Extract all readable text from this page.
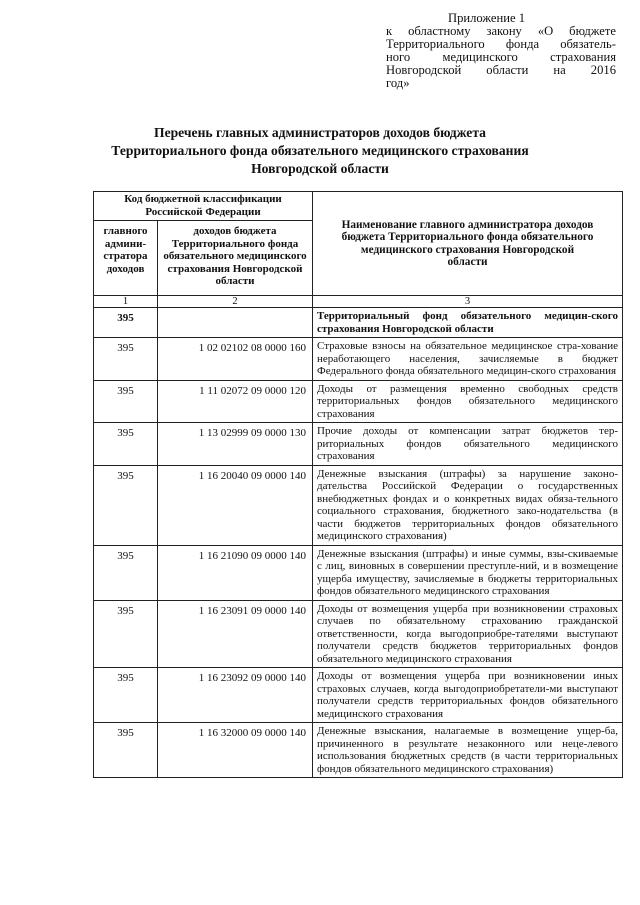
Приложение 1
к областному закону «О бюджете
Территориального фонда обязатель-
ного медицинского страхования
Новгородской области на 2016
год»
Перечень главных администраторов доходов бюджета
Территориального фонда обязательного медицинского страхования
Новгородской области
Код бюджетной классификации Российской Федерации		Наименование главного администратора доходов бюджета Территориального фонда обязательного медицинского страхования Новгородской области
главного админи-стратора доходов	доходов бюджета Территориального фонда обязательного медицинского страхования Новгородской области	
1	2	3
395		Территориальный фонд обязательного медицин-ского страхования Новгородской области
395	1 02 02102 08 0000 160	Страховые взносы на обязательное медицинское стра-хование неработающего населения, зачисляемые в бюджет Федерального фонда обязательного медицин-ского страхования
395	1 11 02072 09 0000 120	Доходы от размещения временно свободных средств территориальных фондов обязательного медицинского страхования
395	1 13 02999 09 0000 130	Прочие доходы от компенсации затрат бюджетов тер-риториальных фондов обязательного медицинского страхования
395	1 16 20040 09 0000 140	Денежные взыскания (штрафы) за нарушение законо-дательства Российской Федерации о государственных внебюджетных фондах и о конкретных видах обяза-тельного социального страхования, бюджетного зако-нодательства (в части бюджетов территориальных фондов обязательного медицинского страхования)
395	1 16 21090 09 0000 140	Денежные взыскания (штрафы) и иные суммы, взы-скиваемые с лиц, виновных в совершении преступле-ний, и в возмещение ущерба имуществу, зачисляемые в бюджеты территориальных фондов обязательного медицинского страхования
395	1 16 23091 09 0000 140	Доходы от возмещения ущерба при возникновении страховых случаев по обязательному страхованию гражданской ответственности, когда выгодоприобре-тателями выступают получатели средств бюджетов территориальных фондов обязательного медицинского страхования
395	1 16 23092 09 0000 140	Доходы от возмещения ущерба при возникновении иных страховых случаев, когда выгодоприобретатели-ми выступают получатели средств территориальных фондов обязательного медицинского страхования
395	1 16 32000 09 0000 140	Денежные взыскания, налагаемые в возмещение ущер-ба, причиненного в результате незаконного или неце-левого использования бюджетных средств (в части территориальных фондов обязательного медицинского страхования)
